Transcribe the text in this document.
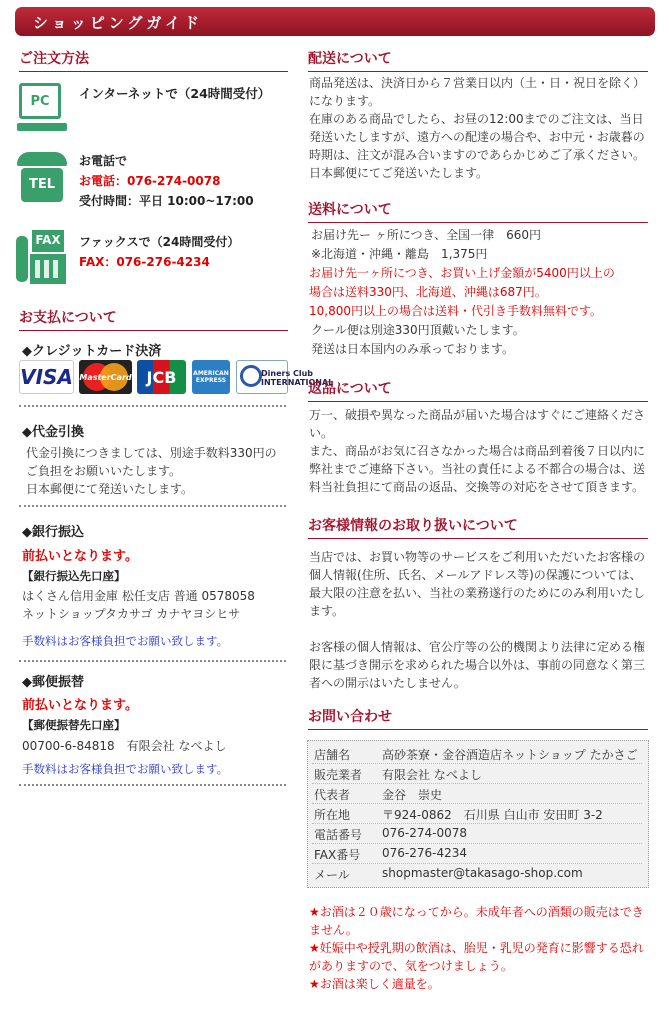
ショッピングガイド
ご注文方法
PC
インターネットで（24時間受付）
TEL
お電話で
お電話：076-274-0078
受付時間：平日 10:00~17:00
FAX ファックスで（24時間受付）
FAX：076-276-4234
お支払について
◆クレジットカード決済
VISA MasterCard JCB	AMERICAN EXPRESS
Diners Club INTERNATIONAL
◆代金引換
代金引換につきましては、別途手数料330円の
ご負担をお願いいたします。
日本郵便にて発送いたします。
◆銀行振込
前払いとなります。
【銀行振込先口座】
はくさん信用金庫 松任支店 普通 0578058
ネットショップタカサゴ カナヤヨシヒサ
手数料はお客様負担でお願い致します。
◆郵便振替
前払いとなります。
【郵便振替先口座】
00700-6-84818　有限会社 なべよし
手数料はお客様負担でお願い致します。
配送について
商品発送は、決済日から７営業日以内（土・日・祝日を除く）
になります。
在庫のある商品でしたら、お昼の12:00までのご注文は、当日
発送いたしますが、遠方への配達の場合や、お中元・お歳暮の
時期は、注文が混み合いますのであらかじめご了承ください。
日本郵便にてご発送いたします。
送料について
お届け先ー ヶ所につき、全国一律　660円
※北海道・沖縄・離島　1,375円
お届け先一ヶ所につき、お買い上げ金額が5400円以上の
場合は送料330円、北海道、沖縄は687円。
10,800円以上の場合は送料・代引き手数料無料です。
クール便は別途330円頂戴いたします。
発送は日本国内のみ承っております。
返品について
万一、破損や異なった商品が届いた場合はすぐにご連絡くださ
い。
また、商品がお気に召さなかった場合は商品到着後７日以内に
弊社までご連絡下さい。当社の責任による不都合の場合は、送
料当社負担にて商品の返品、交換等の対応をさせて頂きます。
お客様情報のお取り扱いについて
当店では、お買い物等のサービスをご利用いただいたお客様の
個人情報(住所、氏名、メールアドレス等)の保護については、
最大限の注意を払い、当社の業務遂行のためにのみ利用いたし
ます。
お客様の個人情報は、官公庁等の公的機関より法律に定める権
限に基づき開示を求められた場合以外は、事前の同意なく第三
者への開示はいたしません。
お問い合わせ
店舗名	高砂茶寮・金谷酒造店ネットショップ たかさご
販売業者	有限会社 なべよし
代表者	金谷　崇史
所在地	〒924-0862　石川県 白山市 安田町 3-2
電話番号	076-274-0078
FAX番号	076-276-4234
メール	shopmaster@takasago-shop.com
★お酒は２０歳になってから。未成年者への酒類の販売はでき
ません。
★妊娠中や授乳期の飲酒は、胎児・乳児の発育に影響する恐れ
がありますので、気をつけましょう。
★お酒は楽しく適量を。
